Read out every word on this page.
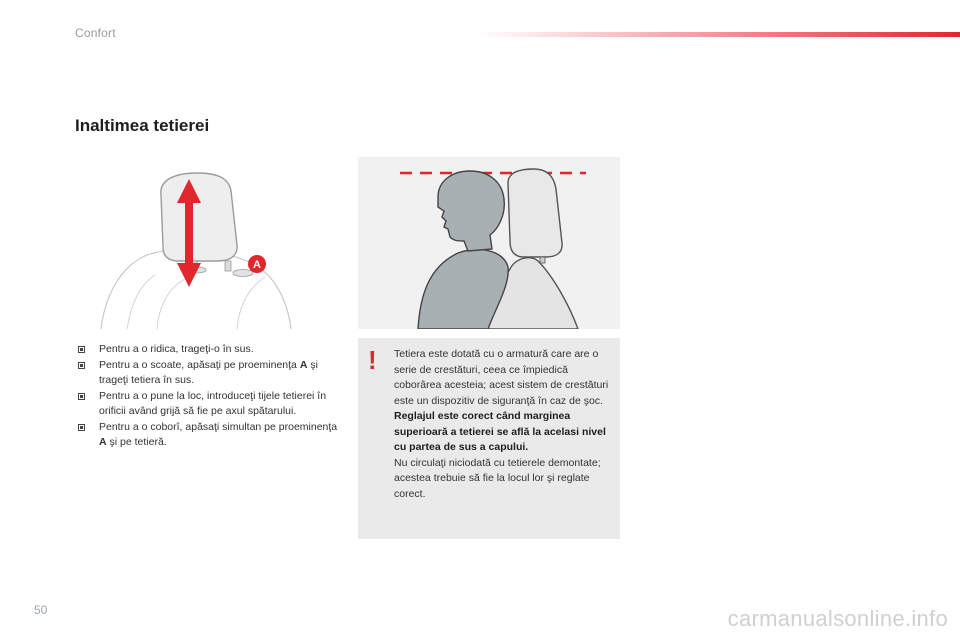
Confort
Inaltimea tetierei
A
Pentru a o ridica, trageţi-o în sus.
Pentru a o scoate, apăsaţi pe proeminenţa A şi trageţi tetiera în sus.
Pentru a o pune la loc, introduceţi tijele tetierei în orificii având grijă să fie pe axul spătarului.
Pentru a o coborî, apăsaţi simultan pe proeminenţa A şi pe tetieră.
! Tetiera este dotată cu o armatură care are o serie de crestături, ceea ce împiedică coborârea acesteia; acest sistem de crestături este un dispozitiv de siguranţă în caz de şoc.

Reglajul este corect când marginea superioară a tetierei se află la acelasi nivel cu partea de sus a capului.

Nu circulaţi niciodată cu tetierele demontate; acestea trebuie să fie la locul lor şi reglate corect.

50	carmanualsonline.info
